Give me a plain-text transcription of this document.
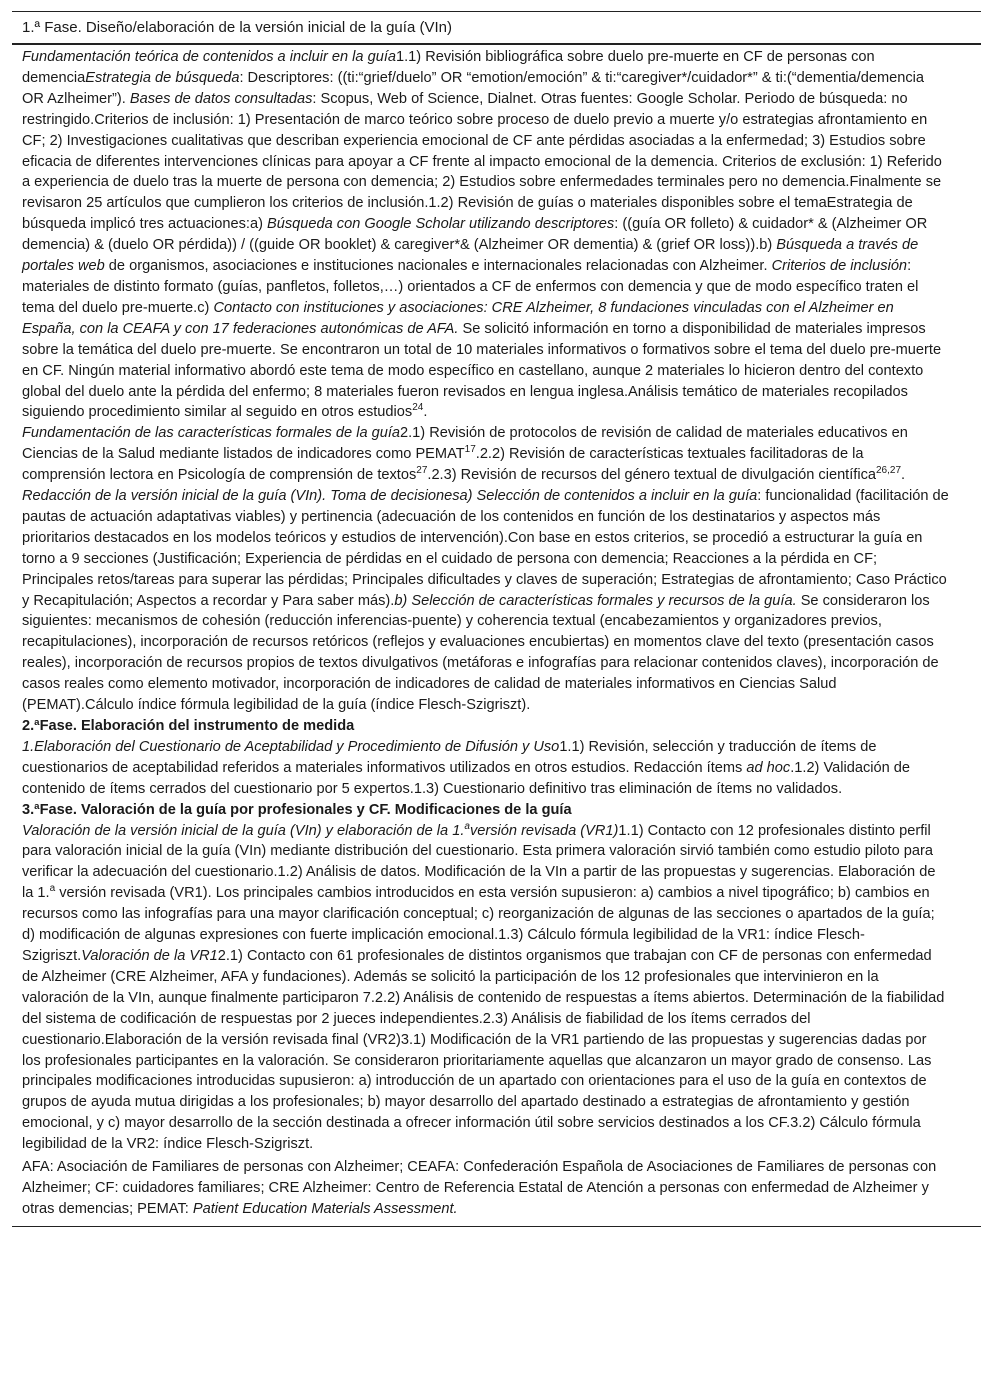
1.ª Fase. Diseño/elaboración de la versión inicial de la guía (VIn)
Fundamentación teórica de contenidos a incluir en la guía1.1) Revisión bibliográfica sobre duelo pre-muerte en CF de personas con demenciaEstrategia de búsqueda: Descriptores: ((ti:“grief/duelo” OR “emotion/emoción” & ti:“caregiver*/cuidador*” & ti:(“dementia/demencia OR Azlheimer”). Bases de datos consultadas: Scopus, Web of Science, Dialnet. Otras fuentes: Google Scholar. Periodo de búsqueda: no restringido.Criterios de inclusión: 1) Presentación de marco teórico sobre proceso de duelo previo a muerte y/o estrategias afrontamiento en CF; 2) Investigaciones cualitativas que describan experiencia emocional de CF ante pérdidas asociadas a la enfermedad; 3) Estudios sobre eficacia de diferentes intervenciones clínicas para apoyar a CF frente al impacto emocional de la demencia. Criterios de exclusión: 1) Referido a experiencia de duelo tras la muerte de persona con demencia; 2) Estudios sobre enfermedades terminales pero no demencia.Finalmente se revisaron 25 artículos que cumplieron los criterios de inclusión.1.2) Revisión de guías o materiales disponibles sobre el temaEstrategia de búsqueda implicó tres actuaciones:a) Búsqueda con Google Scholar utilizando descriptores: ((guía OR folleto) & cuidador* & (Alzheimer OR demencia) & (duelo OR pérdida)) / ((guide OR booklet) & caregiver*& (Alzheimer OR dementia) & (grief OR loss)).b) Búsqueda a través de portales web de organismos, asociaciones e instituciones nacionales e internacionales relacionadas con Alzheimer. Criterios de inclusión: materiales de distinto formato (guías, panfletos, folletos,…) orientados a CF de enfermos con demencia y que de modo específico traten el tema del duelo pre-muerte.c) Contacto con instituciones y asociaciones: CRE Alzheimer, 8 fundaciones vinculadas con el Alzheimer en España, con la CEAFA y con 17 federaciones autonómicas de AFA. Se solicitó información en torno a disponibilidad de materiales impresos sobre la temática del duelo pre-muerte. Se encontraron un total de 10 materiales informativos o formativos sobre el tema del duelo pre-muerte en CF. Ningún material informativo abordó este tema de modo específico en castellano, aunque 2 materiales lo hicieron dentro del contexto global del duelo ante la pérdida del enfermo; 8 materiales fueron revisados en lengua inglesa.Análisis temático de materiales recopilados siguiendo procedimiento similar al seguido en otros estudios$^{24}$.
Fundamentación de las características formales de la guía2.1) Revisión de protocolos de revisión de calidad de materiales educativos en Ciencias de la Salud mediante listados de indicadores como PEMAT$^{17}$.2.2) Revisión de características textuales facilitadoras de la comprensión lectora en Psicología de comprensión de textos$^{27}$.2.3) Revisión de recursos del género textual de divulgación científica$^{26,27}$.
Redacción de la versión inicial de la guía (VIn). Toma de decisionesa) Selección de contenidos a incluir en la guía: funcionalidad (facilitación de pautas de actuación adaptativas viables) y pertinencia (adecuación de los contenidos en función de los destinatarios y aspectos más prioritarios destacados en los modelos teóricos y estudios de intervención).Con base en estos criterios, se procedió a estructurar la guía en torno a 9 secciones (Justificación; Experiencia de pérdidas en el cuidado de persona con demencia; Reacciones a la pérdida en CF; Principales retos/tareas para superar las pérdidas; Principales dificultades y claves de superación; Estrategias de afrontamiento; Caso Práctico y Recapitulación; Aspectos a recordar y Para saber más).b) Selección de características formales y recursos de la guía. Se consideraron los siguientes: mecanismos de cohesión (reducción inferencias-puente) y coherencia textual (encabezamientos y organizadores previos, recapitulaciones), incorporación de recursos retóricos (reflejos y evaluaciones encubiertas) en momentos clave del texto (presentación casos reales), incorporación de recursos propios de textos divulgativos (metáforas e infografías para relacionar contenidos claves), incorporación de casos reales como elemento motivador, incorporación de indicadores de calidad de materiales informativos en Ciencias Salud (PEMAT).Cálculo índice fórmula legibilidad de la guía (índice Flesch-Szigriszt).
2.ªFase. Elaboración del instrumento de medida
1.Elaboración del Cuestionario de Aceptabilidad y Procedimiento de Difusión y Uso1.1) Revisión, selección y traducción de ítems de cuestionarios de aceptabilidad referidos a materiales informativos utilizados en otros estudios. Redacción ítems ad hoc.1.2) Validación de contenido de ítems cerrados del cuestionario por 5 expertos.1.3) Cuestionario definitivo tras eliminación de ítems no validados.
3.ªFase. Valoración de la guía por profesionales y CF. Modificaciones de la guía
Valoración de la versión inicial de la guía (VIn) y elaboración de la 1.$^a$versión revisada (VR1)1.1) Contacto con 12 profesionales distinto perfil para valoración inicial de la guía (VIn) mediante distribución del cuestionario. Esta primera valoración sirvió también como estudio piloto para verificar la adecuación del cuestionario.1.2) Análisis de datos. Modificación de la VIn a partir de las propuestas y sugerencias. Elaboración de la 1.$^a$ versión revisada (VR1). Los principales cambios introducidos en esta versión supusieron: a) cambios a nivel tipográfico; b) cambios en recursos como las infografías para una mayor clarificación conceptual; c) reorganización de algunas de las secciones o apartados de la guía; d) modificación de algunas expresiones con fuerte implicación emocional.1.3) Cálculo fórmula legibilidad de la VR1: índice Flesch-Szigriszt.Valoración de la VR12.1) Contacto con 61 profesionales de distintos organismos que trabajan con CF de personas con enfermedad de Alzheimer (CRE Alzheimer, AFA y fundaciones). Además se solicitó la participación de los 12 profesionales que intervinieron en la valoración de la VIn, aunque finalmente participaron 7.2.2) Análisis de contenido de respuestas a ítems abiertos. Determinación de la fiabilidad del sistema de codificación de respuestas por 2 jueces independientes.2.3) Análisis de fiabilidad de los ítems cerrados del cuestionario.Elaboración de la versión revisada final (VR2)3.1) Modificación de la VR1 partiendo de las propuestas y sugerencias dadas por los profesionales participantes en la valoración. Se consideraron prioritariamente aquellas que alcanzaron un mayor grado de consenso. Las principales modificaciones introducidas supusieron: a) introducción de un apartado con orientaciones para el uso de la guía en contextos de grupos de ayuda mutua dirigidas a los profesionales; b) mayor desarrollo del apartado destinado a estrategias de afrontamiento y gestión emocional, y c) mayor desarrollo de la sección destinada a ofrecer información útil sobre servicios destinados a los CF.3.2) Cálculo fórmula legibilidad de la VR2: índice Flesch-Szigriszt.
AFA: Asociación de Familiares de personas con Alzheimer; CEAFA: Confederación Española de Asociaciones de Familiares de personas con Alzheimer; CF: cuidadores familiares; CRE Alzheimer: Centro de Referencia Estatal de Atención a personas con enfermedad de Alzheimer y otras demencias; PEMAT: Patient Education Materials Assessment.
